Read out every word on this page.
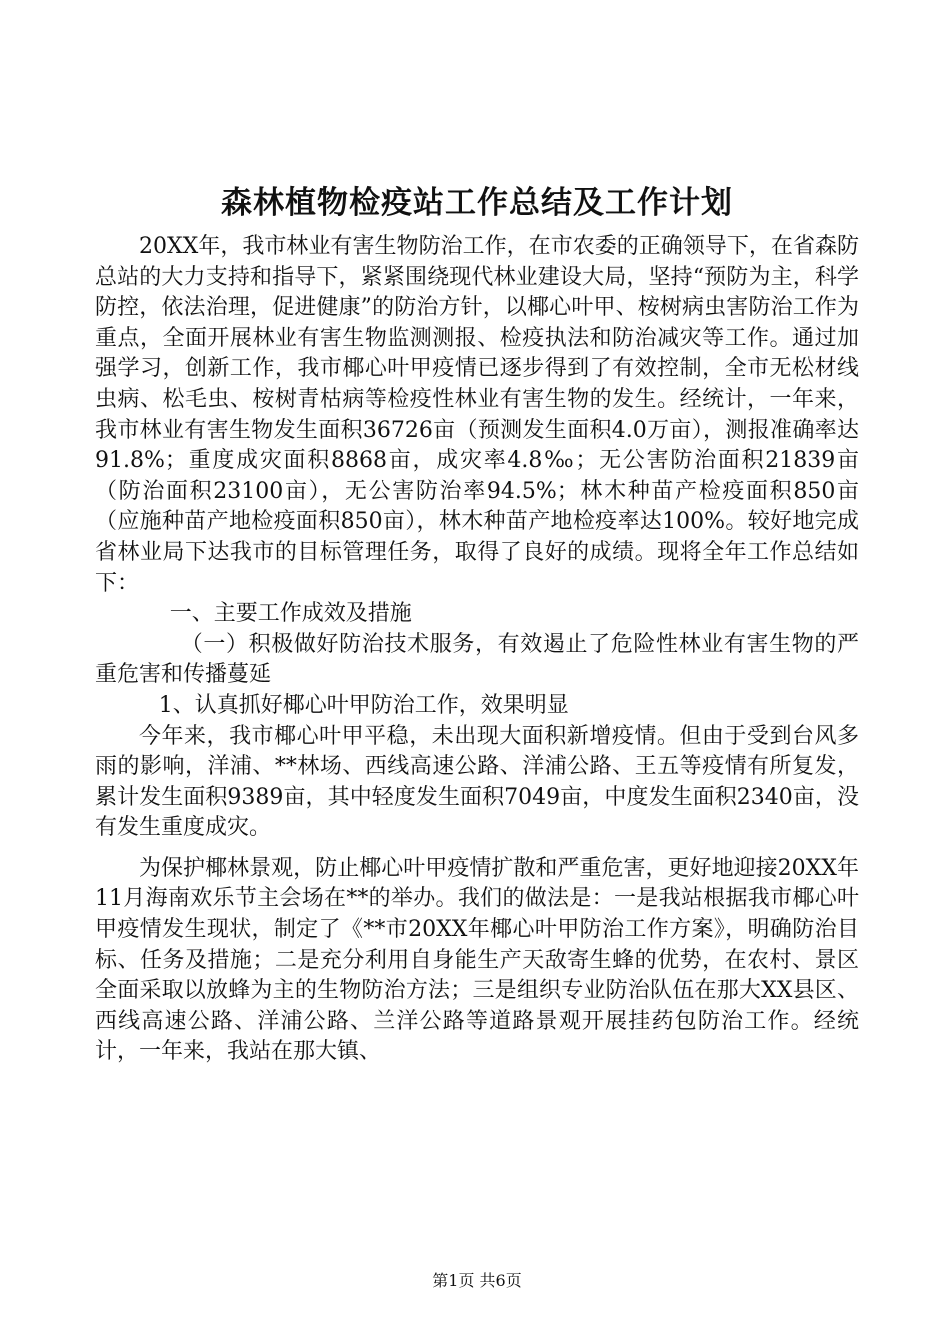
森林植物检疫站工作总结及工作计划

20XX年，我市林业有害生物防治工作，在市农委的正确领导下，在省森防总站的大力支持和指导下，紧紧围绕现代林业建设大局，坚持“预防为主，科学防控，依法治理，促进健康”的防治方针，以椰心叶甲、桉树病虫害防治工作为重点，全面开展林业有害生物监测测报、检疫执法和防治减灾等工作。通过加强学习，创新工作，我市椰心叶甲疫情已逐步得到了有效控制，全市无松材线虫病、松毛虫、桉树青枯病等检疫性林业有害生物的发生。经统计，一年来，我市林业有害生物发生面积36726亩（预测发生面积4.0万亩），测报准确率达91.8%；重度成灾面积8868亩，成灾率4.8‰；无公害防治面积21839亩（防治面积23100亩），无公害防治率94.5%；林木种苗产检疫面积850亩（应施种苗产地检疫面积850亩），林木种苗产地检疫率达100%。较好地完成省林业局下达我市的目标管理任务，取得了良好的成绩。现将全年工作总结如下：

一、主要工作成效及措施

（一）积极做好防治技术服务，有效遏止了危险性林业有害生物的严重危害和传播蔓延

1、认真抓好椰心叶甲防治工作，效果明显

今年来，我市椰心叶甲平稳，未出现大面积新增疫情。但由于受到台风多雨的影响，洋浦、**林场、西线高速公路、洋浦公路、王五等疫情有所复发，累计发生面积9389亩，其中轻度发生面积7049亩，中度发生面积2340亩，没有发生重度成灾。

为保护椰林景观，防止椰心叶甲疫情扩散和严重危害，更好地迎接20XX年11月海南欢乐节主会场在**的举办。我们的做法是：一是我站根据我市椰心叶甲疫情发生现状，制定了《**市20XX年椰心叶甲防治工作方案》，明确防治目标、任务及措施；二是充分利用自身能生产天敌寄生蜂的优势，在农村、景区全面采取以放蜂为主的生物防治方法；三是组织专业防治队伍在那大XX县区、西线高速公路、洋浦公路、兰洋公路等道路景观开展挂药包防治工作。经统计，一年来，我站在那大镇、

第1页 共6页
